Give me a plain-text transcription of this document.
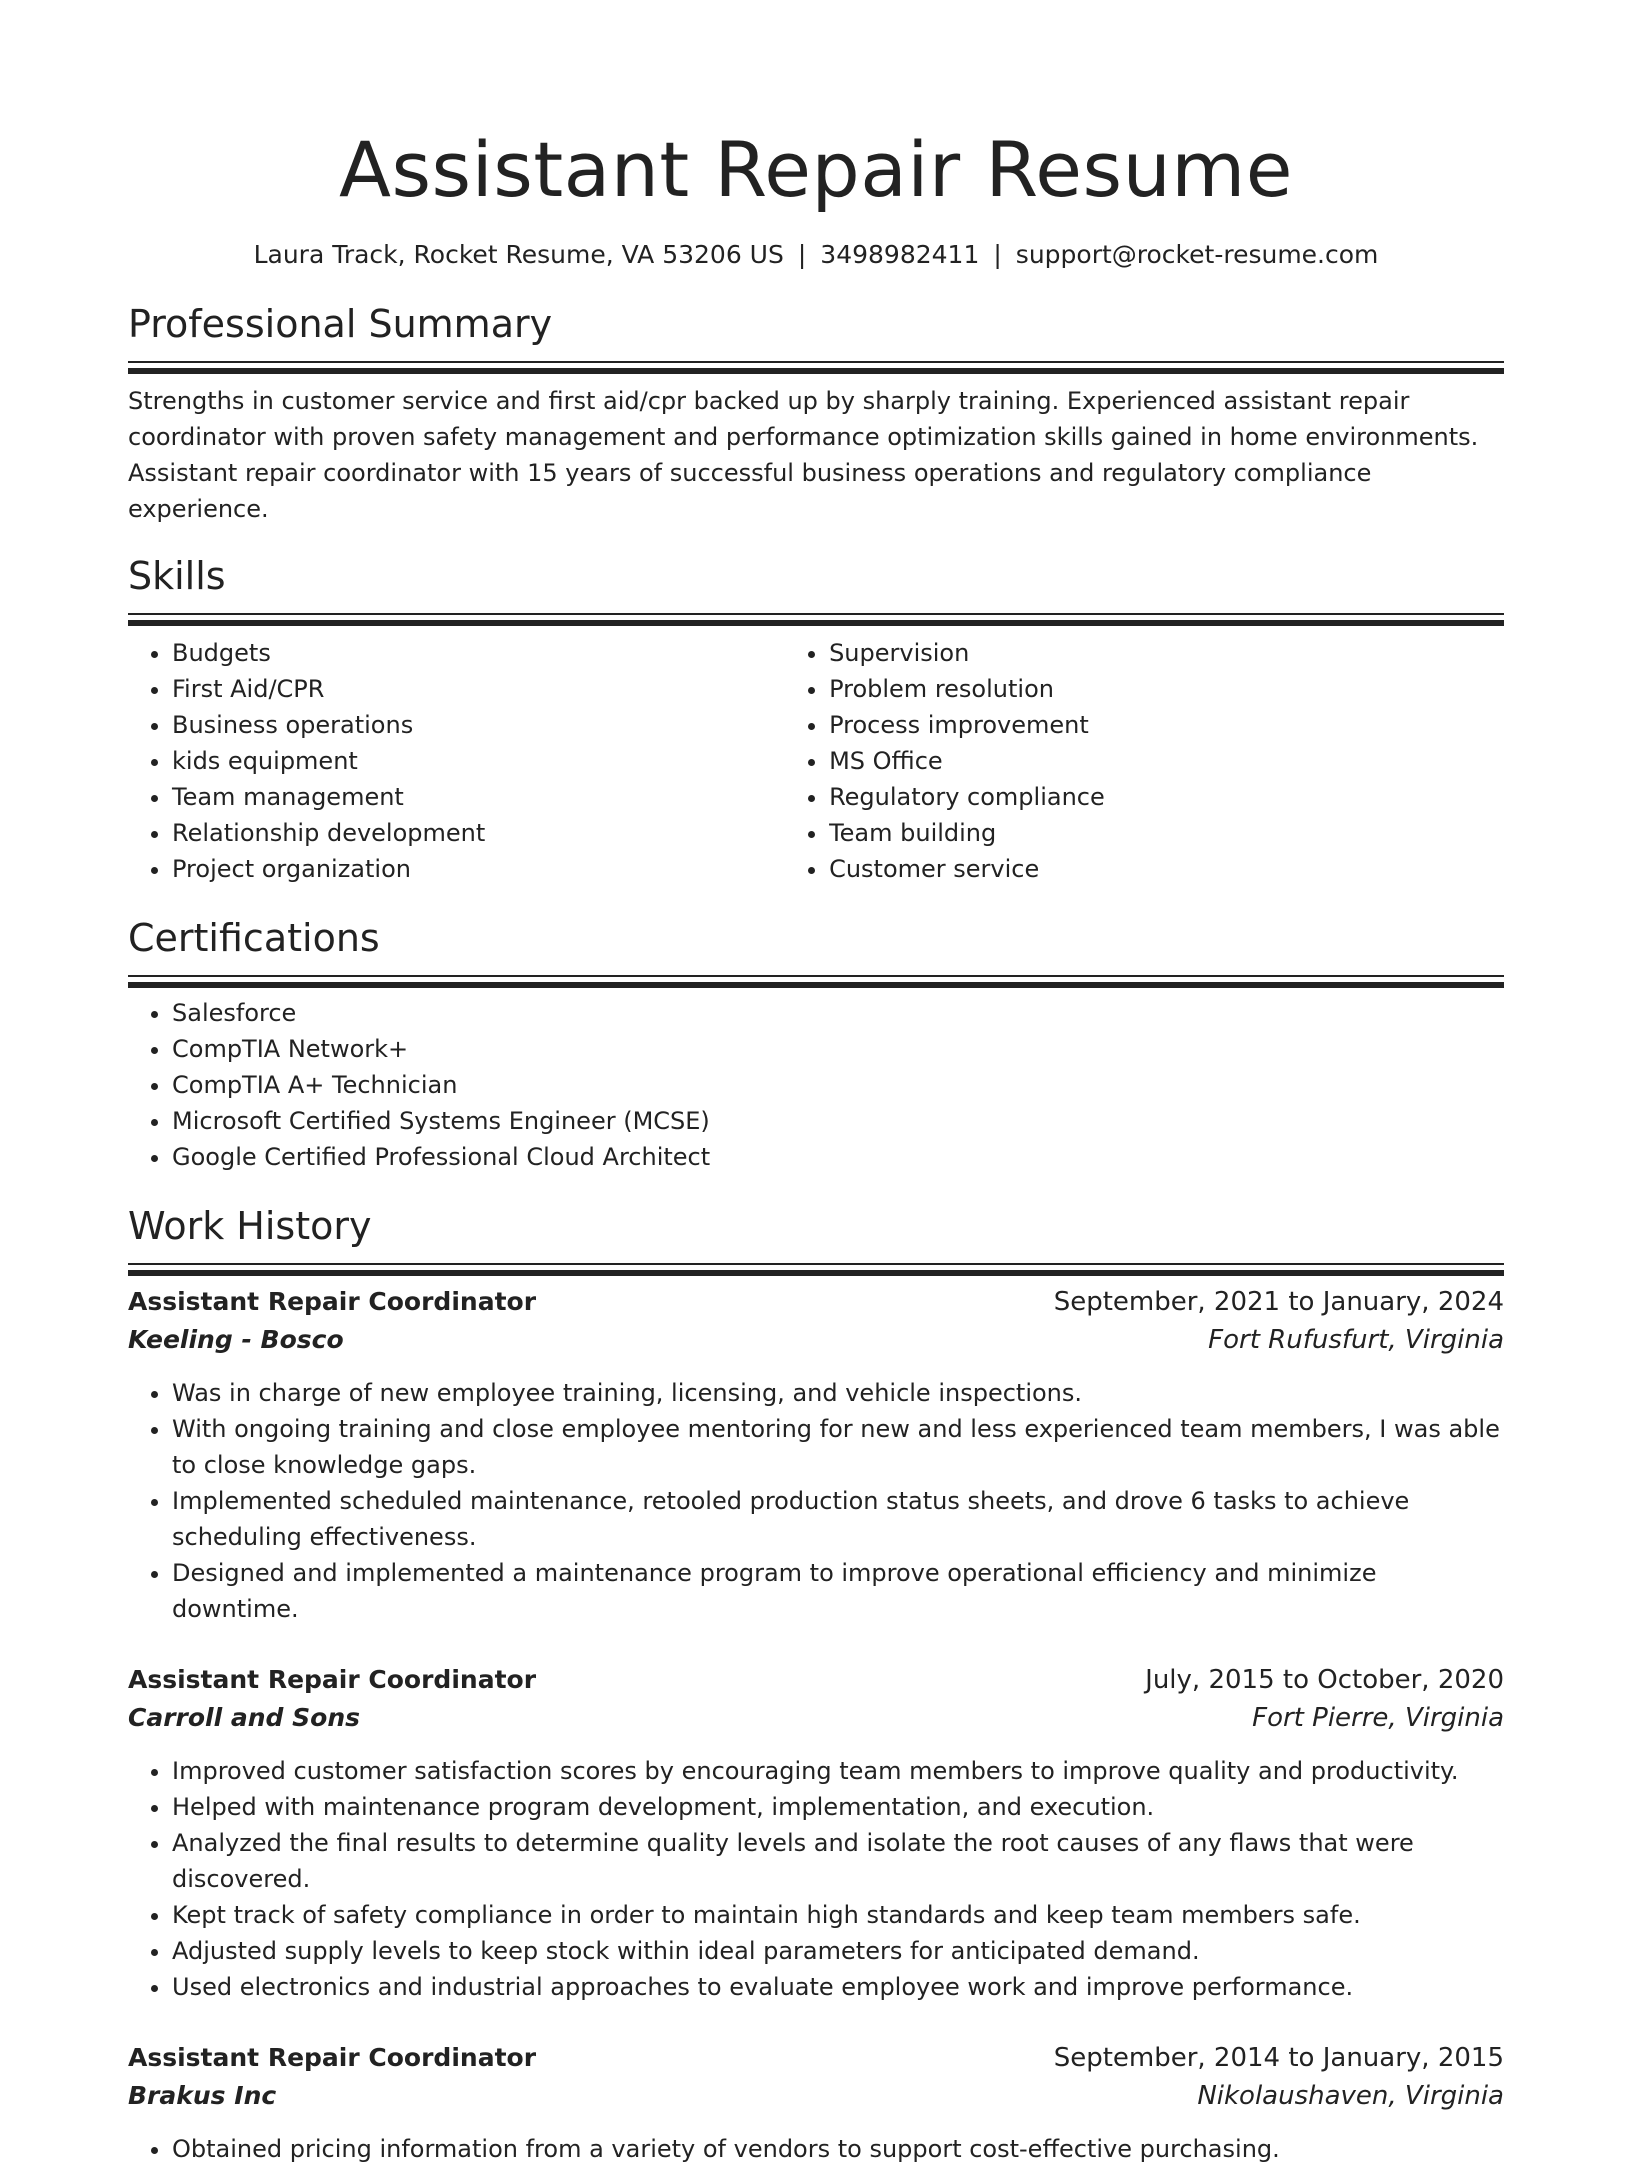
Assistant Repair Resume
Laura Track, Rocket Resume, VA 53206 US | 3498982411 | support@rocket-resume.com
Professional Summary

Strengths in customer service and first aid/cpr backed up by sharply training. Experienced assistant repair coordinator with proven safety management and performance optimization skills gained in home environments. Assistant repair coordinator with 15 years of successful business operations and regulatory compliance experience.

Skills
• Budgets
• First Aid/CPR
• Business operations
• kids equipment
• Team management
• Relationship development
• Project organization
• Supervision
• Problem resolution
• Process improvement
• MS Office
• Regulatory compliance
• Team building
• Customer service
Certifications
• Salesforce
• CompTIA Network+
• CompTIA A+ Technician
• Microsoft Certified Systems Engineer (MCSE)
• Google Certified Professional Cloud Architect
Work History
Assistant Repair Coordinator	September, 2021 to January, 2024
Keeling - Bosco	Fort Rufusfurt, Virginia
• Was in charge of new employee training, licensing, and vehicle inspections.
• With ongoing training and close employee mentoring for new and less experienced team members, I was able to close knowledge gaps.
• Implemented scheduled maintenance, retooled production status sheets, and drove 6 tasks to achieve scheduling effectiveness.
• Designed and implemented a maintenance program to improve operational efficiency and minimize downtime.
Assistant Repair Coordinator	July, 2015 to October, 2020
Carroll and Sons	Fort Pierre, Virginia
• Improved customer satisfaction scores by encouraging team members to improve quality and productivity.
• Helped with maintenance program development, implementation, and execution.
• Analyzed the final results to determine quality levels and isolate the root causes of any flaws that were discovered.
• Kept track of safety compliance in order to maintain high standards and keep team members safe.
• Adjusted supply levels to keep stock within ideal parameters for anticipated demand.
• Used electronics and industrial approaches to evaluate employee work and improve performance.
Assistant Repair Coordinator	September, 2014 to January, 2015
Brakus Inc	Nikolaushaven, Virginia
• Obtained pricing information from a variety of vendors to support cost-effective purchasing.
